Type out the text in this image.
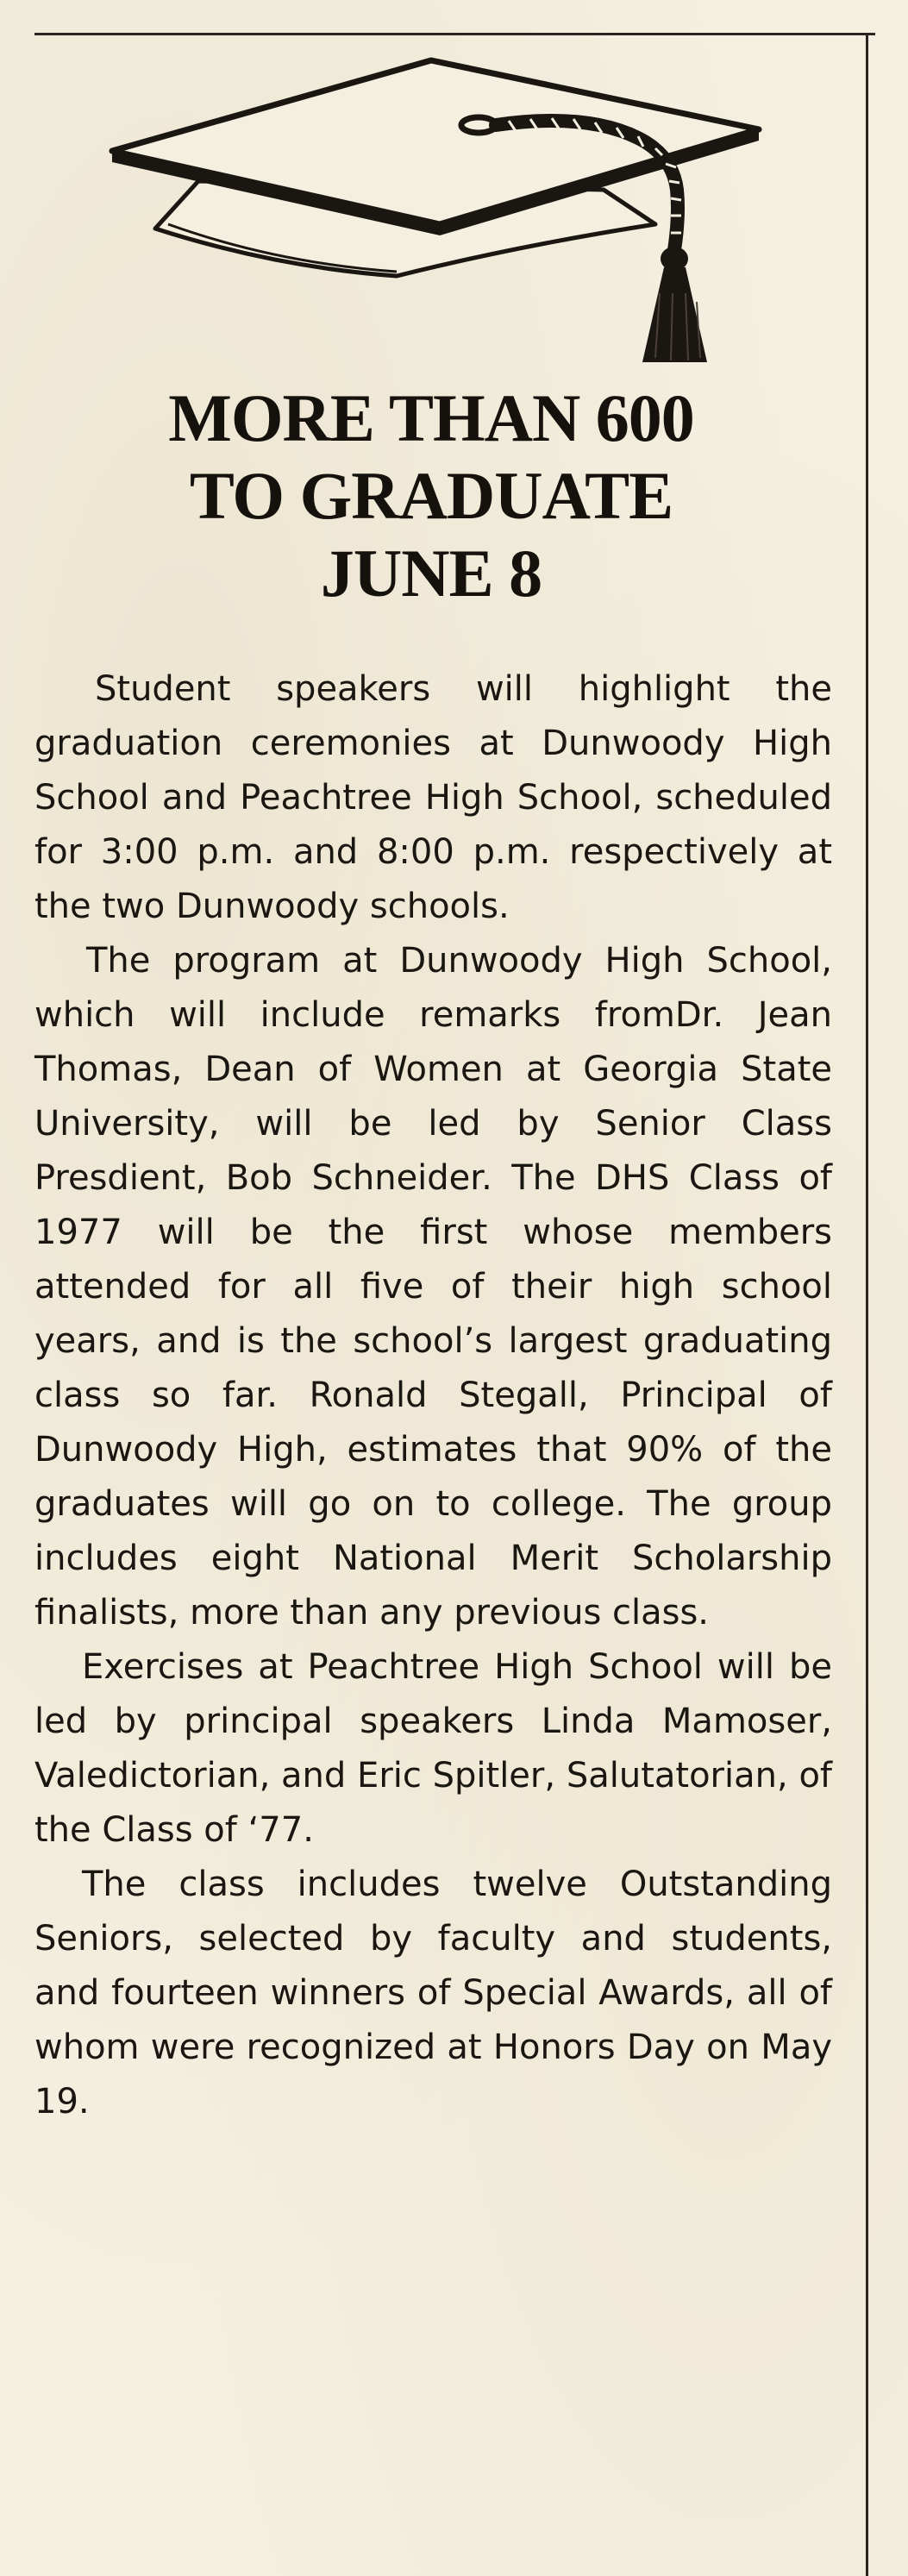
MORE THAN 600
TO GRADUATE
JUNE 8

Student speakers will highlight the graduation ceremonies at Dunwoody High School and Peachtree High School, scheduled for 3:00 p.m. and 8:00 p.m. respectively at the two Dunwoody schools.

The program at Dunwoody High School, which will include remarks fromDr. Jean Thomas, Dean of Women at Georgia State University, will be led by Senior Class Presdient, Bob Schneider. The DHS Class of 1977 will be the first whose members attended for all five of their high school years, and is the school’s largest graduating class so far. Ronald Stegall, Principal of Dunwoody High, estimates that 90% of the graduates will go on to college. The group includes eight National Merit Scholarship finalists, more than any previous class.

Exercises at Peachtree High School will be led by principal speakers Linda Mamoser, Valedictorian, and Eric Spitler, Salutatorian, of the Class of ‘77.

The class includes twelve Outstanding Seniors, selected by faculty and students, and fourteen winners of Special Awards, all of whom were recognized at Honors Day on May 19.
